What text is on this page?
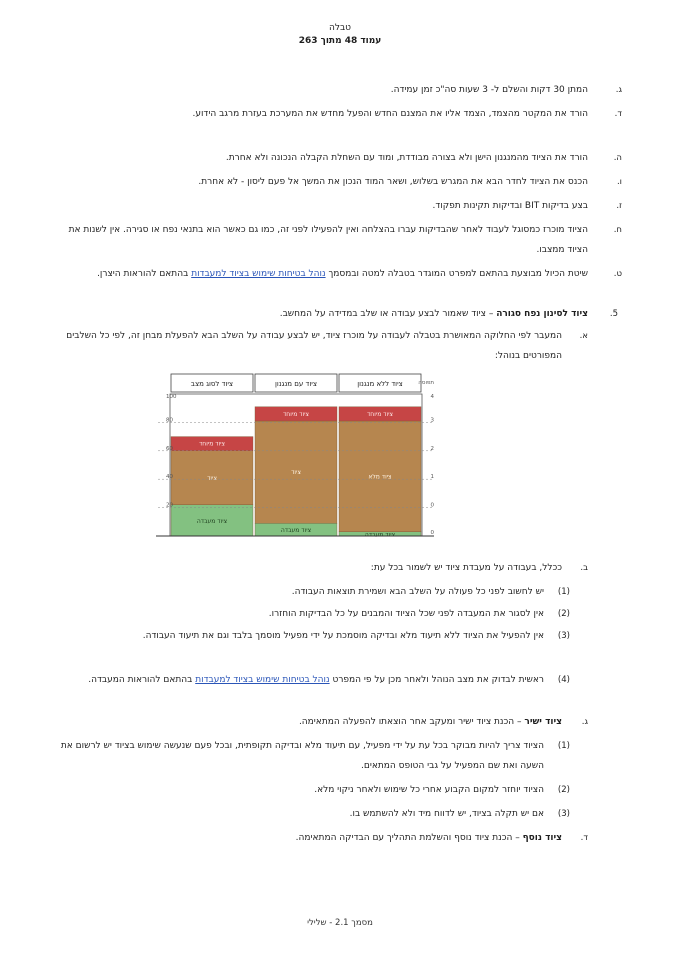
טבלה
עמוד 48 מתוך 263
ג.
המתן 30 דקות והשלם ל- 3 שעות סה"כ זמן עמידה.
ד.
הורד את המקטר מהצמד, הצמד אליו את המצנם החדש והפעל מחדש את המערכת בעזרת מרגב הידוע.
ה.
הורד את הציוד מהמנגנון הישן ולא בצורה מבודדת, ומוד עם השחלת הקבלה הנכונה ולא אחרת.
ו.
הכנס את הציוד לחדר הבא את המגרש בשלוש, ושאר המוד הנכון את המשך אל פעם ליסון - לא אחרת.
ז.
בצע בדיקות BIT ובדיקות תקינות תפקוד.
ח.
הציוד מוכרז כמסוגל לעבוד לאחר שהבדיקות עברו בהצלחה ואין להפעילו לפני זה, כמו גם כאשר הוא בתנאי נפח או סגירה. אין לשנות את הציוד ממצבו.
ט.
שיטת הכיול מבוצעת בהתאם למפרט המוגדר בטבלה למטה ובמסמך נוהל בטיחות שימוש בציוד למעבדות בהתאם להוראות היצרן.
5.
ציוד לסינון נפח סגורה – ציוד שאמור לבצע עבודה או שלב במדידה על המחשב.
א.
המעבר לפי החלוקה המאושרת בטבלה לעבודה על מוכרז ציוד, יש לבצע עבודה על השלב הבא להפעלת מבחן זה, לפי כל השלבים המפורטים בנוהל:
ציוד לסוג מצב	ציוד עם מנגנון	ציוד ללא מנגנון
ציוד מיוחד
ציוד
ציוד מעבדה
ציוד מיוחד
ציוד
ציוד מעבדה
ציוד מיוחד
ציוד מלא
ציוד מעבדה
80	3
60	2
40	1
20	0
100	4
תפוסה
0
ב.
ככלל, בעבודה על מעבדת ציוד יש לשמור בכל עת:
(1)
יש לחשוב לפני כל פעולה על השלב הבא ושמירת תוצאות העבודה.
(2)
אין לסגור את המעבדה לפני שכל הציוד והמבנים על כל הבדיקות הוחזרו.
(3)
אין להפעיל את הציוד ללא תיעוד מלא ובדיקה מוסמכת על ידי מפעיל מוסמך בלבד וגם את תיעוד העבודה.
(4)
ראשית לבדוק את מצב הנוהל ולאחר מכן על פי המפרט נוהל בטיחות שימוש בציוד למעבדות בהתאם להוראות המעבדה.
ג.
ציוד ישיר – הכנת ציוד ישיר ומעקב אחר הוצאתו להפעלה המתאימה.
(1)
הציוד צריך להיות מבוקר בכל עת על ידי מפעיל, עם תיעוד מלא ובדיקה תקופתית, ובכל פעם שנעשה שימוש בציוד יש לרשום את השעה ואת שם המפעיל על גבי הטופס המתאים.
(2)
הציוד יוחזר למקום הקבוע אחרי כל שימוש ולאחר ניקוי מלא.
(3)
אם יש תקלה בציוד, יש לדווח מיד ולא להשתמש בו.
ד.
ציוד נוסף – הכנת ציוד נוסף והשלמת התהליך עם הבדיקה המתאימה.
מסמך 2.1 - שלילי
